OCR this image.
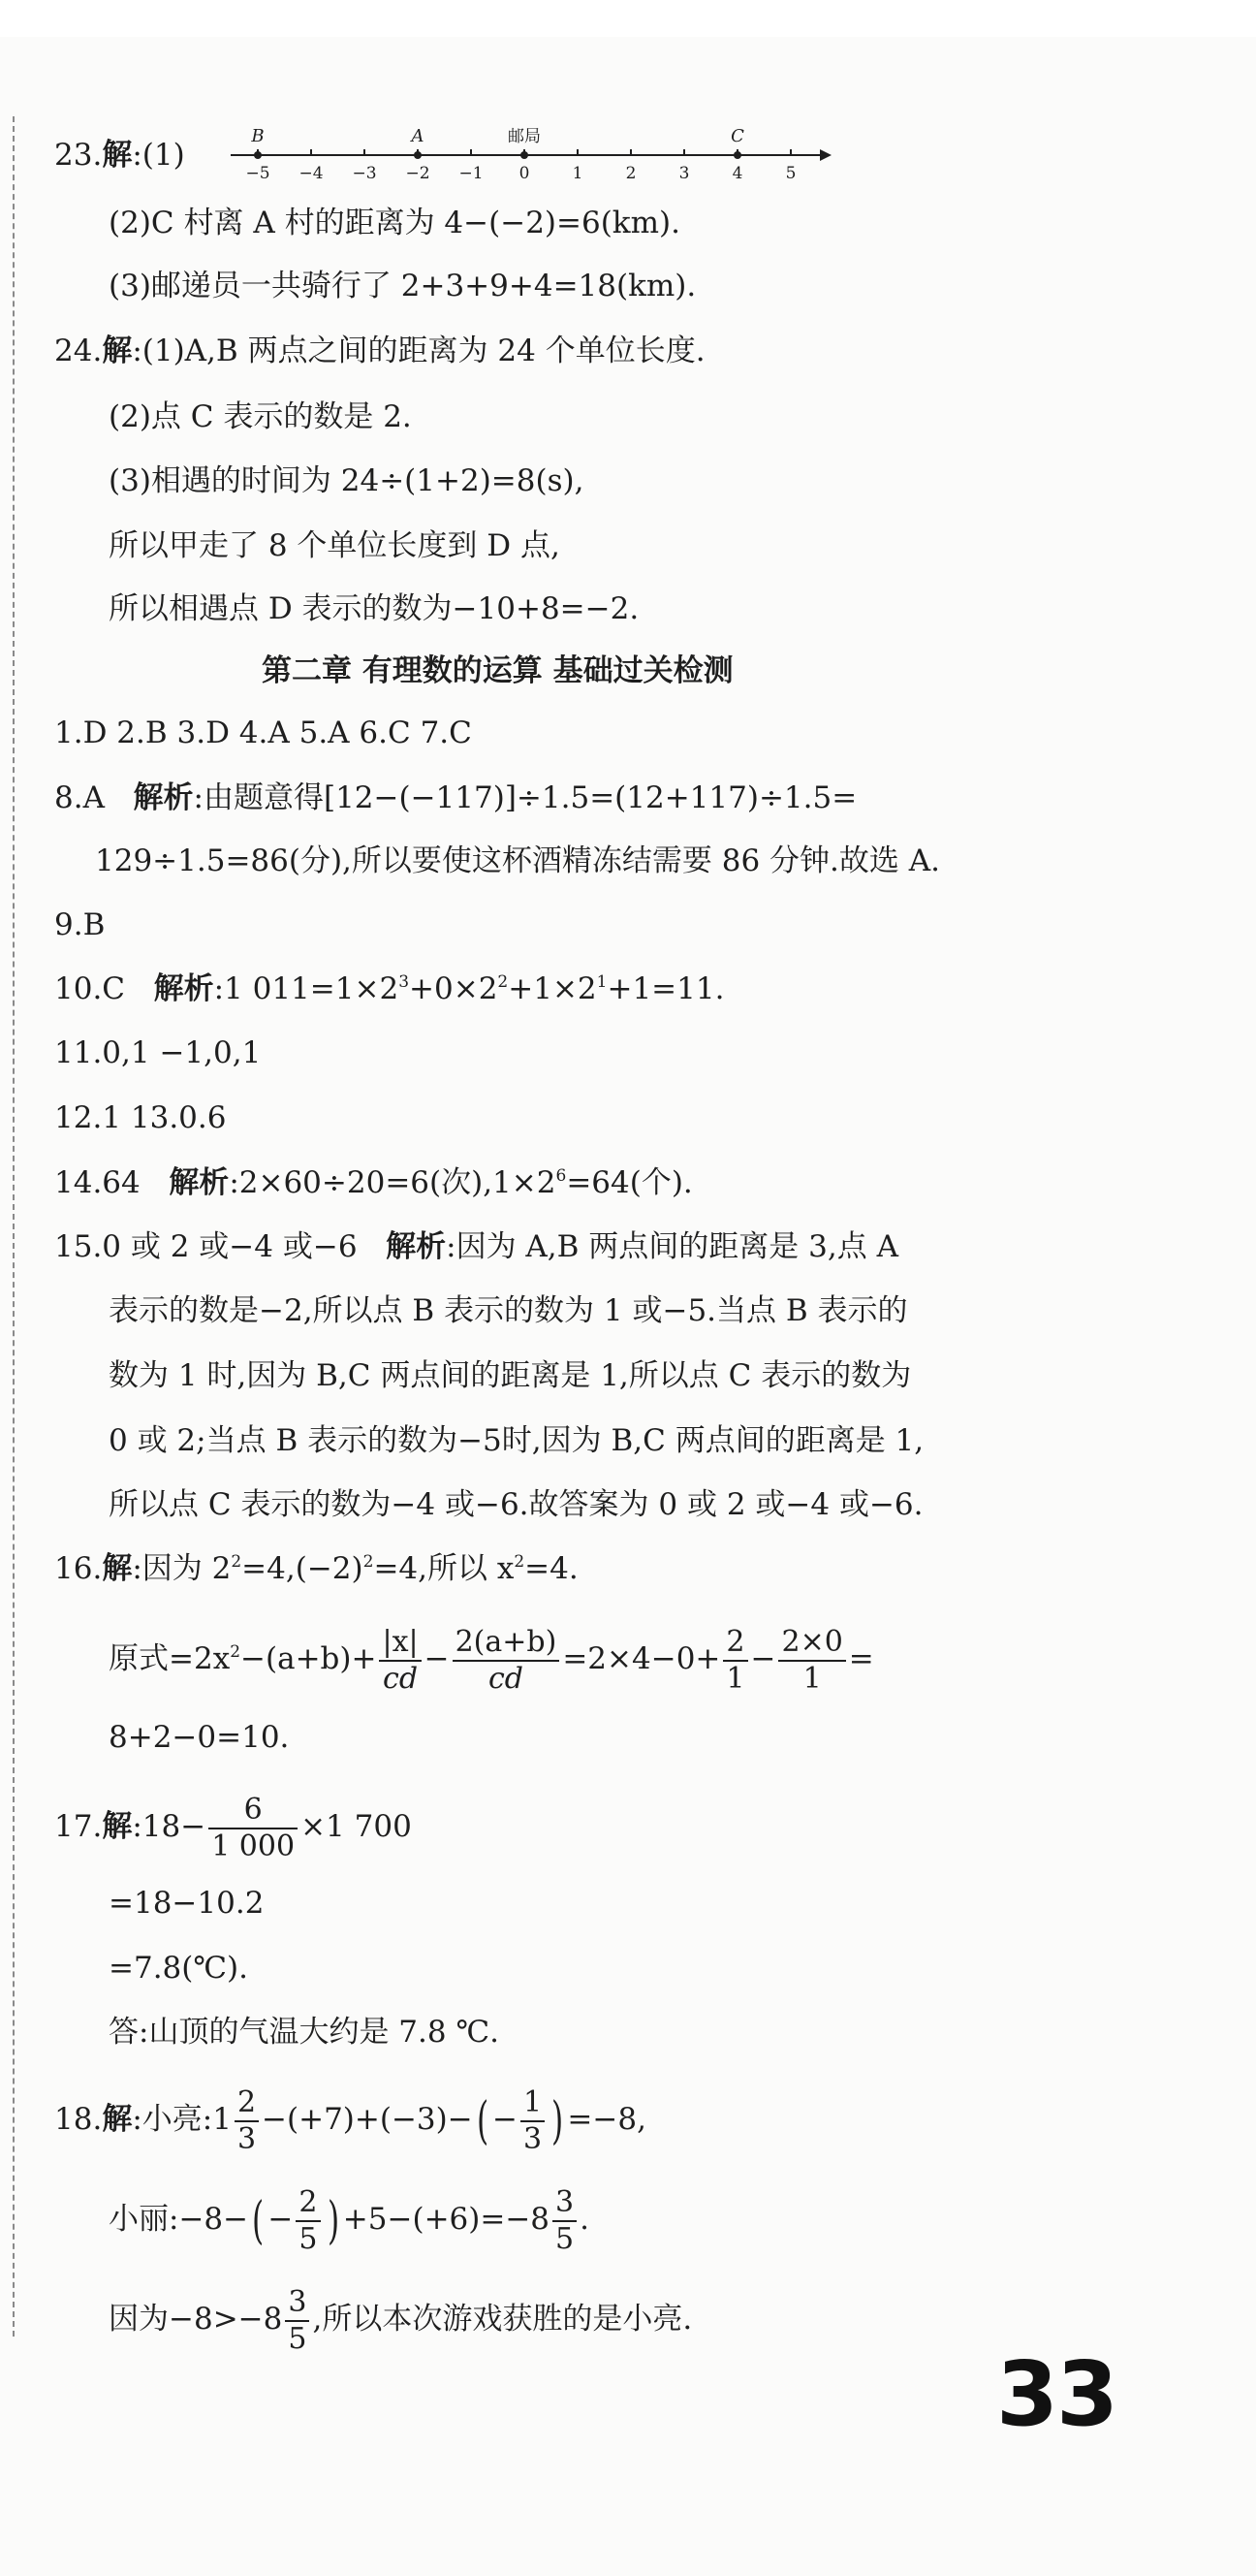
23.解:(1)
−5 −4 −3 −2 −1 0	1	2	3	4	5
B	A	邮局	C
(2)C 村离 A 村的距离为 4−(−2)=6(km).
(3)邮递员一共骑行了 2+3+9+4=18(km).
24.解:(1)A,B 两点之间的距离为 24 个单位长度.
(2)点 C 表示的数是 2.
(3)相遇的时间为 24÷(1+2)=8(s),
所以甲走了 8 个单位长度到 D 点,
所以相遇点 D 表示的数为−10+8=−2.
第二章 有理数的运算 基础过关检测
1.D 2.B 3.D 4.A 5.A 6.C 7.C
8.A 解析:由题意得[12−(−117)]÷1.5=(12+117)÷1.5=
129÷1.5=86(分),所以要使这杯酒精冻结需要 86 分钟.故选 A.
9.B
10.C 解析:1 $011=1\times 2^3+0\times 2^2+1\times 2^1+1=11$.
11.0,1 −1,0,1
12.1 13.0.6
14.64 解析:2×60÷20=6(次)$,1\times 2^6=64$(个).
15.0 或 2 或−4 或−6 解析:因为 A,B 两点间的距离是 3,点 A
表示的数是−2,所以点 B 表示的数为 1 或−5.当点 B 表示的
数为 1 时,因为 B,C 两点间的距离是 1,所以点 C 表示的数为
0 或 2;当点 B 表示的数为−5时,因为 B,C 两点间的距离是 1,
所以点 C 表示的数为−4 或−6.故答案为 0 或 2 或−4 或−6.
16.解:因为 $2^2=4,(-2)^2=4$,所以 $x^2=4$.
原式$=2x^2-(a+b)+ \frac{|x|}{cd} - \frac{2(a+b)}{cd} =2\times 4-0+ \frac{2}{1} - \frac{2\times 0}{1}$ =
8+2−0=10.
17.解:18− $\frac{6}{1 000} \times 1$ 700
=18−10.2
=7.8(℃).
答:山顶的气温大约是 7.8 ℃.
18.解:小亮:1 $\frac{2}{3} -(+7)+(-3)-( - \frac{1}{3}$ ) =−8,
小丽:−8−( − $\frac{2}{5}$ ) $+5-(+6)=-8 \frac{3}{5}$ .
因为$-8>-8 \frac{3}{5}$ ,所以本次游戏获胜的是小亮.
33
